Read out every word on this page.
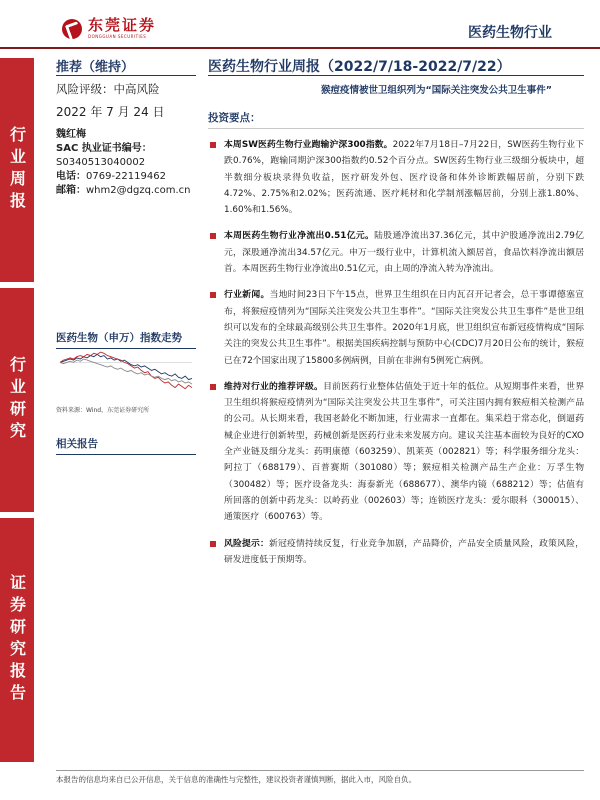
东莞证券
DONGGUAN SECURITIES	医药生物行业
行业周报
行业研究
证券研究报告
推荐（维持）
风险评级：中高风险
2022 年 7 月 24 日
魏红梅
SAC 执业证书编号：
S0340513040002
电话：0769-22119462
邮箱：whm2@dgzq.com.cn
医药生物（申万）指数走势
资料来源：Wind，东莞证券研究所
相关报告
医药生物行业周报（2022/7/18-2022/7/22）
猴痘疫情被世卫组织列为“国际关注突发公共卫生事件”
投资要点：
本周SW医药生物行业跑输沪深300指数。2022年7月18日–7月22日，SW医药生物行业下跌0.76%，跑输同期沪深300指数约0.52个百分点。SW医药生物行业三级细分板块中，超半数细分板块录得负收益，医疗研发外包、医疗设备和体外诊断跌幅居前，分别下跌4.72%、2.75%和2.02%；医药流通、医疗耗材和化学制剂涨幅居前，分别上涨1.80%、1.60%和1.56%。
本周医药生物行业净流出0.51亿元。陆股通净流出37.36亿元，其中沪股通净流出2.79亿元，深股通净流出34.57亿元。申万一级行业中，计算机流入额居首，食品饮料净流出额居首。本周医药生物行业净流出0.51亿元，由上周的净流入转为净流出。
行业新闻。当地时间23日下午15点，世界卫生组织在日内瓦召开记者会，总干事谭德塞宣布，将猴痘疫情列为“国际关注突发公共卫生事件”。“国际关注突发公共卫生事件”是世卫组织可以发布的全球最高级别公共卫生事件。2020年1月底，世卫组织宣布新冠疫情构成“国际关注的突发公共卫生事件”。根据美国疾病控制与预防中心(CDC)7月20日公布的统计，猴痘已在72个国家出现了15800多例病例，目前在非洲有5例死亡病例。
维持对行业的推荐评级。目前医药行业整体估值处于近十年的低位。从短期事件来看，世界卫生组织将猴痘疫情列为“国际关注突发公共卫生事件”，可关注国内拥有猴痘相关检测产品的公司。从长期来看，我国老龄化不断加速，行业需求一直都在。集采趋于常态化，倒逼药械企业进行创新转型，药械创新是医药行业未来发展方向。建议关注基本面较为良好的CXO全产业链及细分龙头：药明康德（603259）、凯莱英（002821）等；科学服务细分龙头：阿拉丁（688179）、百普赛斯（301080）等；猴痘相关检测产品生产企业：万孚生物（300482）等；医疗设备龙头：海泰新光（688677）、澳华内镜（688212）等；估值有所回落的创新中药龙头：以岭药业（002603）等；连锁医疗龙头：爱尔眼科（300015）、通策医疗（600763）等。
风险提示：新冠疫情持续反复，行业竞争加剧，产品降价，产品安全质量风险，政策风险，研发进度低于预期等。
本报告的信息均来自已公开信息，关于信息的准确性与完整性，建议投资者谨慎判断，据此入市，风险自负。
